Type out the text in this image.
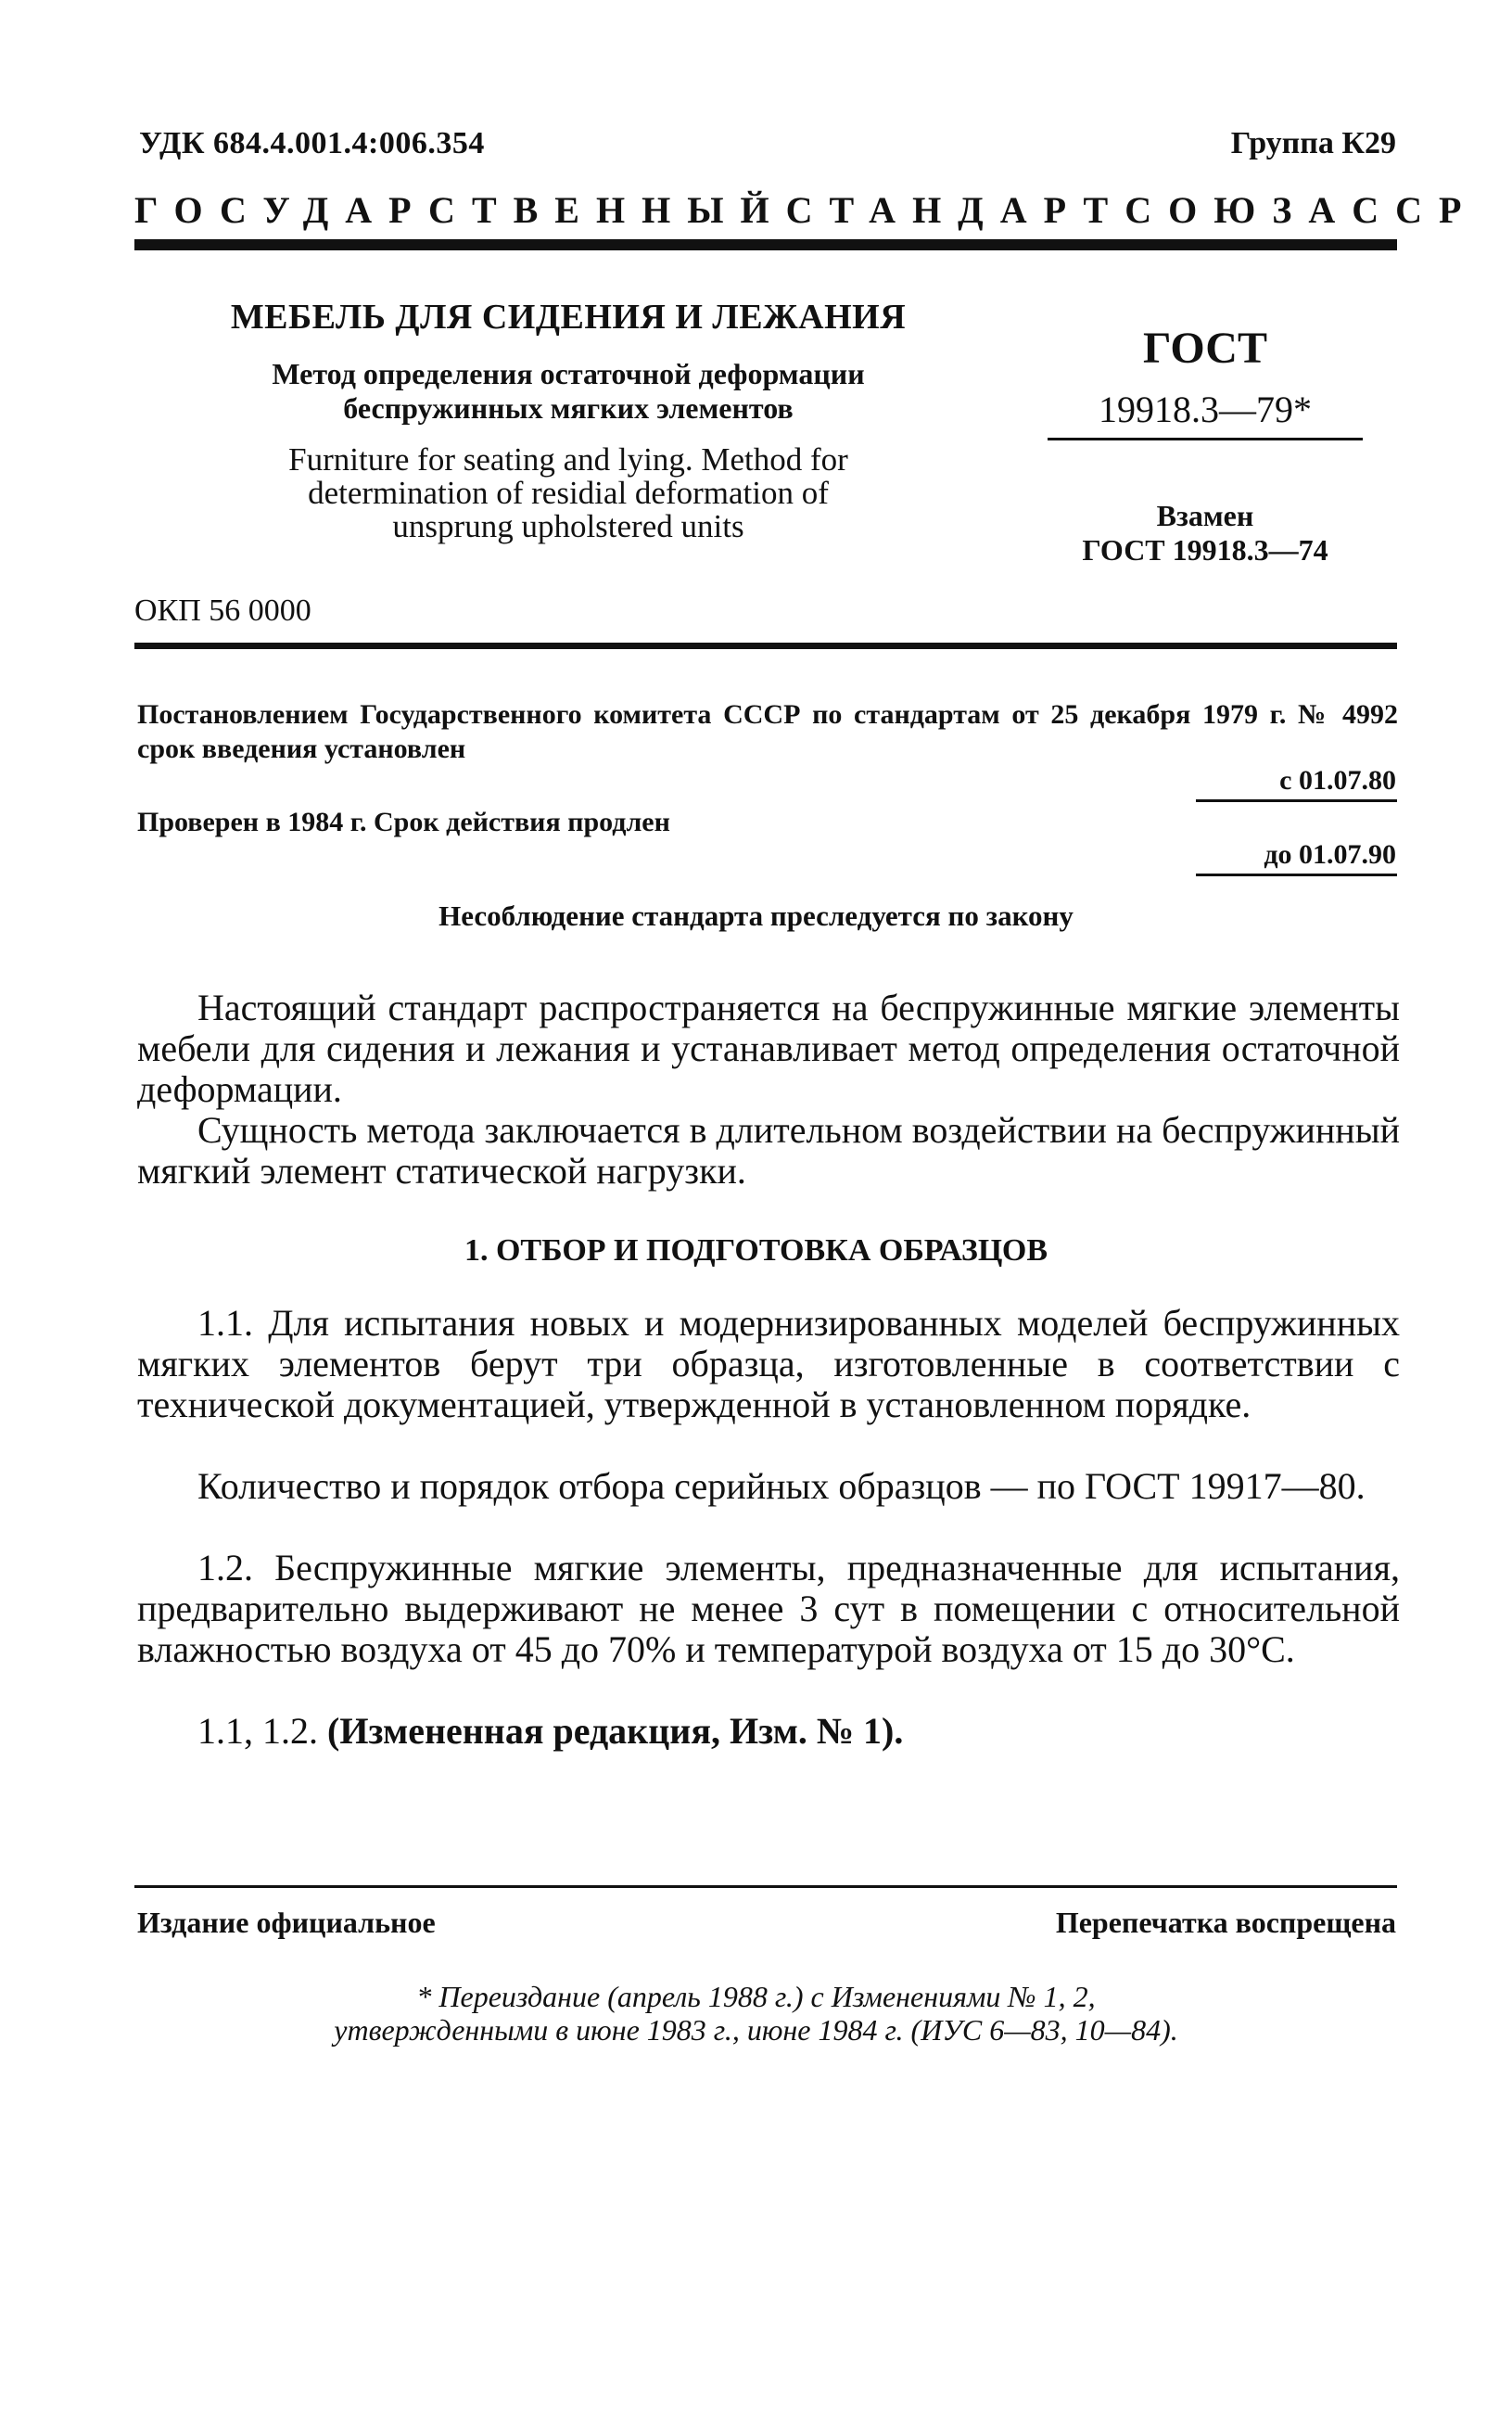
УДК 684.4.001.4:006.354	Группа К29
ГОСУДАРСТВЕННЫЙ СТАНДАРТ СОЮЗА ССР
МЕБЕЛЬ ДЛЯ СИДЕНИЯ И ЛЕЖАНИЯ
Метод определения остаточной деформации
беспружинных мягких элементов
Furniture for seating and lying. Method for
determination of residial deformation of
unsprung upholstered units
ГОСТ
19918.3—79*
Взамен
ГОСТ 19918.3—74
ОКП 56 0000
Постановлением Государственного комитета СССР по стандартам от 25 декабря 1979 г. № 4992 срок введения установлен
с 01.07.80
Проверен в 1984 г. Срок действия продлен
до 01.07.90
Несоблюдение стандарта преследуется по закону
Настоящий стандарт распространяется на беспружинные мягкие элементы мебели для сидения и лежания и устанавливает метод определения остаточной деформации.
Сущность метода заключается в длительном воздействии на беспружинный мягкий элемент статической нагрузки.
1. ОТБОР И ПОДГОТОВКА ОБРАЗЦОВ
1.1. Для испытания новых и модернизированных моделей беспружинных мягких элементов берут три образца, изготовленные в соответствии с технической документацией, утвержденной в установленном порядке.
Количество и порядок отбора серийных образцов — по ГОСТ 19917—80.
1.2. Беспружинные мягкие элементы, предназначенные для испытания, предварительно выдерживают не менее 3 сут в помещении с относительной влажностью воздуха от 45 до 70% и температурой воздуха от 15 до 30°С.
1.1, 1.2. (Измененная редакция, Изм. № 1).
Издание официальное	Перепечатка воспрещена
* Переиздание (апрель 1988 г.) с Изменениями № 1, 2,
утвержденными в июне 1983 г., июне 1984 г. (ИУС 6—83, 10—84).
